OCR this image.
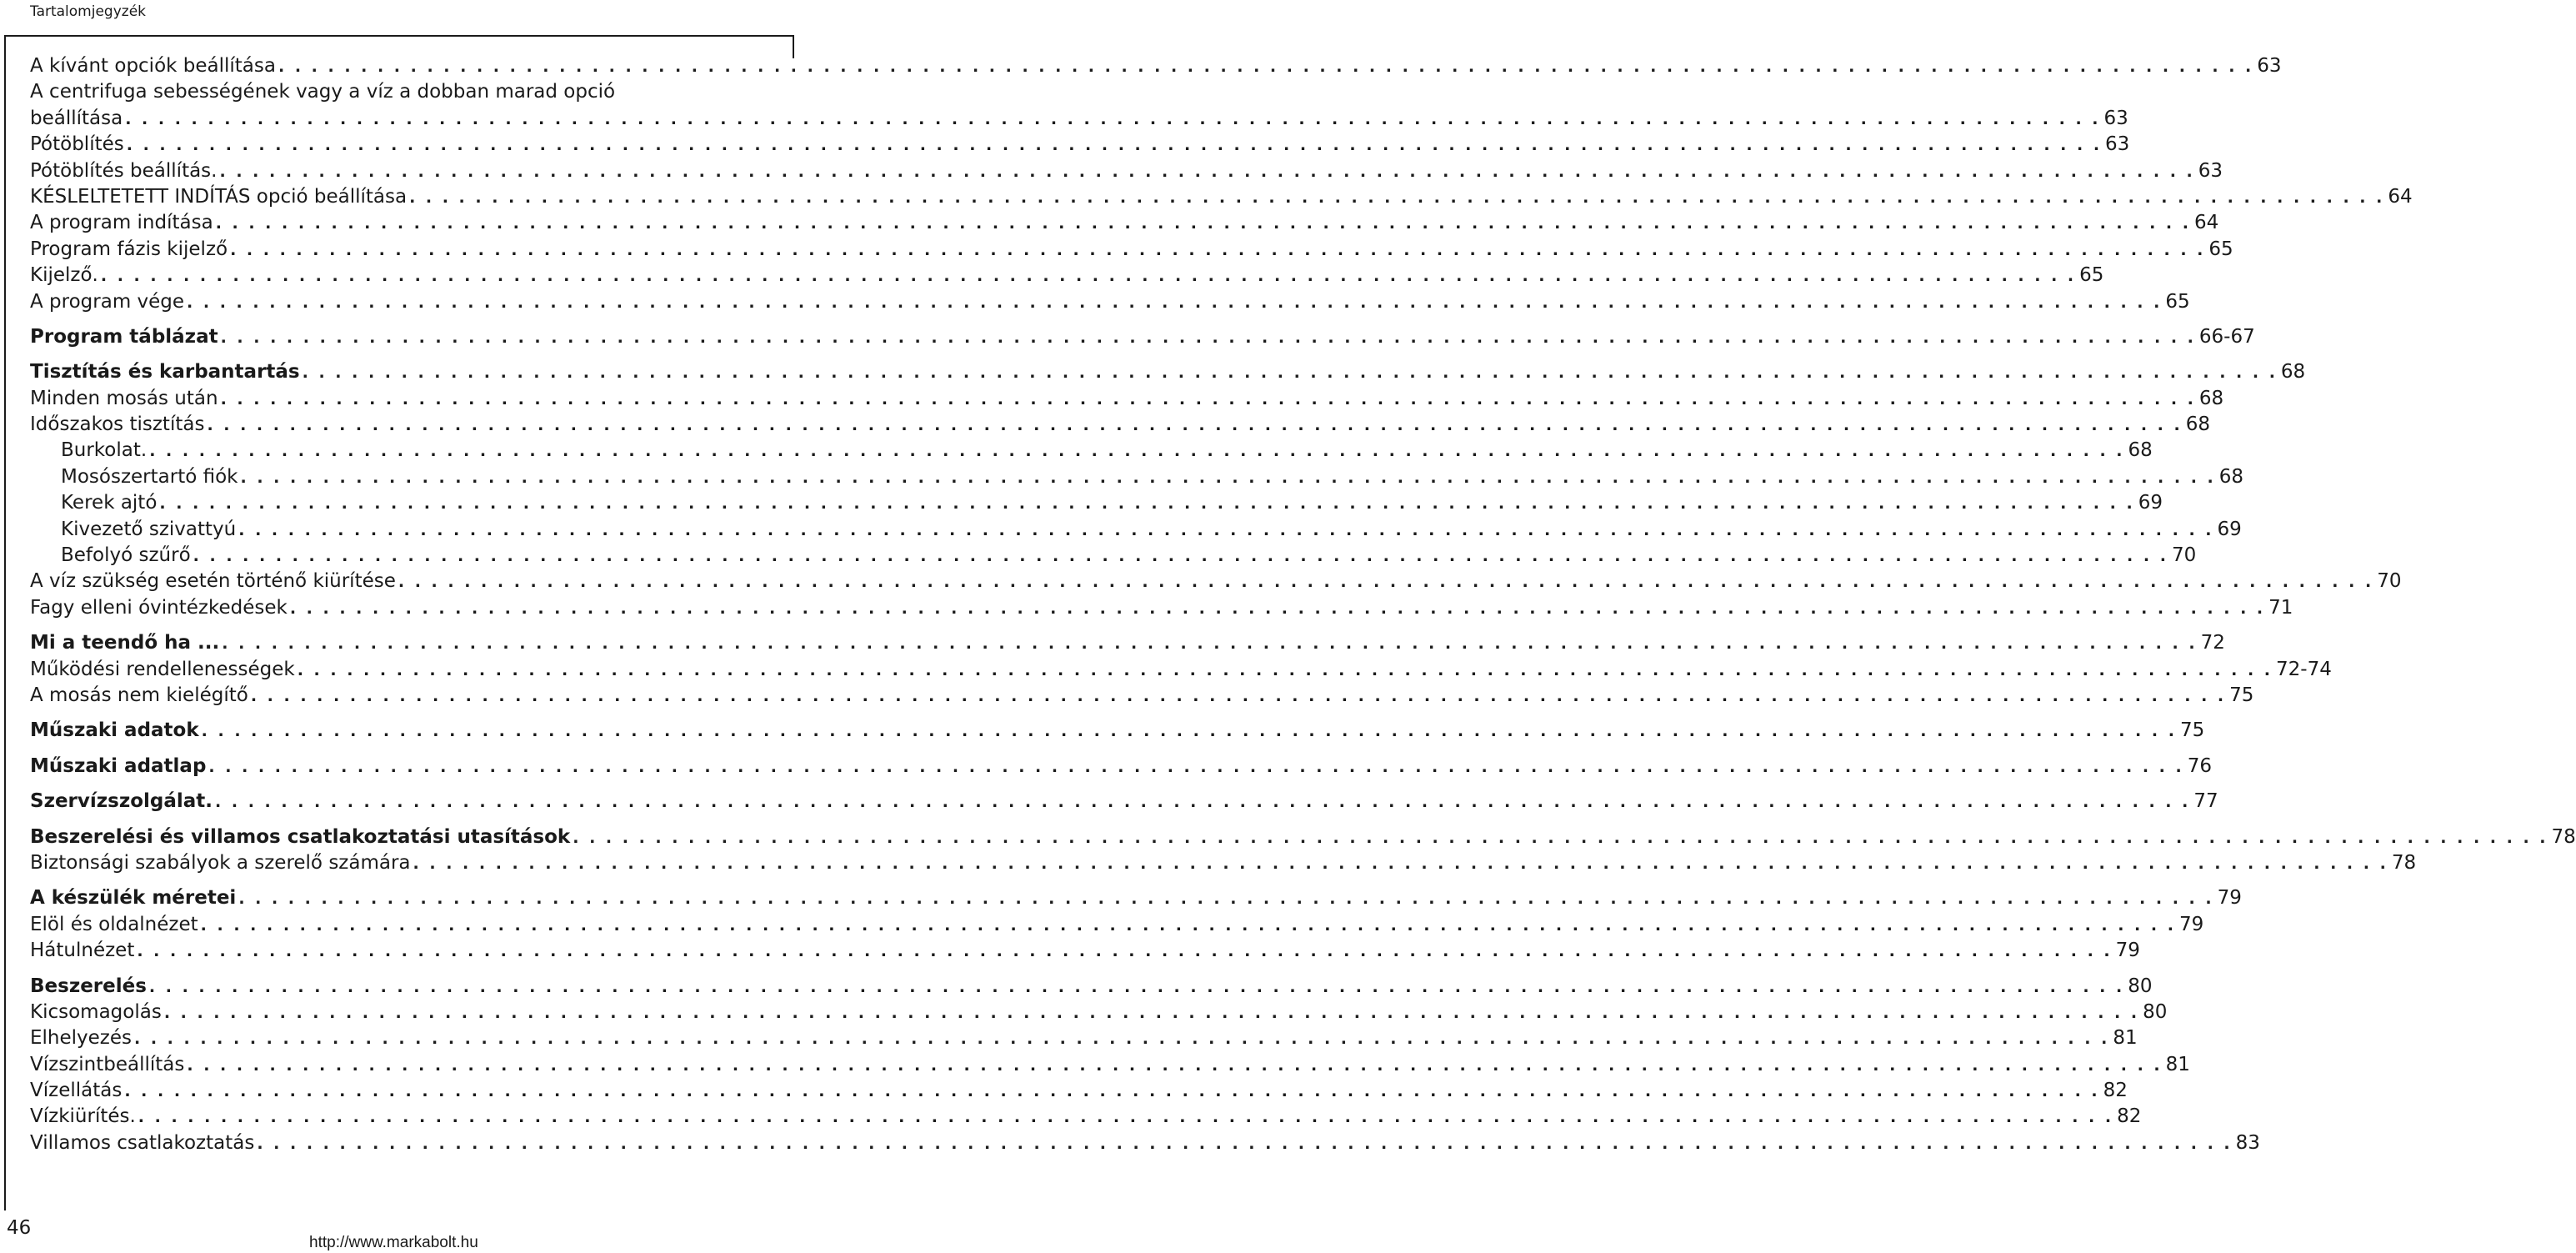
Tartalomjegyzék
A kívánt opciók beállítása . . . . . . . . . . . . . . . . . . . . . . . . . . . . . . . . . . . . . . . . . . . . . . . . . . . . . . . . . . . . . . . . . . . . . . . . . . . . . . . . . . . . . . . . . . . . . . . . . . . . . . . . . . . . . . . . . . . . . . . . 63
A centrifuga sebességének vagy a víz a dobban marad opció
beállítása . . . . . . . . . . . . . . . . . . . . . . . . . . . . . . . . . . . . . . . . . . . . . . . . . . . . . . . . . . . . . . . . . . . . . . . . . . . . . . . . . . . . . . . . . . . . . . . . . . . . . . . . . . . . . . . . . . . . . . . . 63
Pótöblítés . . . . . . . . . . . . . . . . . . . . . . . . . . . . . . . . . . . . . . . . . . . . . . . . . . . . . . . . . . . . . . . . . . . . . . . . . . . . . . . . . . . . . . . . . . . . . . . . . . . . . . . . . . . . . . . . . . . . . . . . 63
Pótöblítés beállítás. . . . . . . . . . . . . . . . . . . . . . . . . . . . . . . . . . . . . . . . . . . . . . . . . . . . . . . . . . . . . . . . . . . . . . . . . . . . . . . . . . . . . . . . . . . . . . . . . . . . . . . . . . . . . . . . . . . . . . . . . 63
KÉSLELTETETT INDÍTÁS opció beállítása . . . . . . . . . . . . . . . . . . . . . . . . . . . . . . . . . . . . . . . . . . . . . . . . . . . . . . . . . . . . . . . . . . . . . . . . . . . . . . . . . . . . . . . . . . . . . . . . . . . . . . . . . . . . . . . . . . . . . . . . 64
A program indítása . . . . . . . . . . . . . . . . . . . . . . . . . . . . . . . . . . . . . . . . . . . . . . . . . . . . . . . . . . . . . . . . . . . . . . . . . . . . . . . . . . . . . . . . . . . . . . . . . . . . . . . . . . . . . . . . . . . . . . . . 64
Program fázis kijelző . . . . . . . . . . . . . . . . . . . . . . . . . . . . . . . . . . . . . . . . . . . . . . . . . . . . . . . . . . . . . . . . . . . . . . . . . . . . . . . . . . . . . . . . . . . . . . . . . . . . . . . . . . . . . . . . . . . . . . . . 65
Kijelző. . . . . . . . . . . . . . . . . . . . . . . . . . . . . . . . . . . . . . . . . . . . . . . . . . . . . . . . . . . . . . . . . . . . . . . . . . . . . . . . . . . . . . . . . . . . . . . . . . . . . . . . . . . . . . . . . . . . . . . . . 65
A program vége . . . . . . . . . . . . . . . . . . . . . . . . . . . . . . . . . . . . . . . . . . . . . . . . . . . . . . . . . . . . . . . . . . . . . . . . . . . . . . . . . . . . . . . . . . . . . . . . . . . . . . . . . . . . . . . . . . . . . . . . 65
Program táblázat . . . . . . . . . . . . . . . . . . . . . . . . . . . . . . . . . . . . . . . . . . . . . . . . . . . . . . . . . . . . . . . . . . . . . . . . . . . . . . . . . . . . . . . . . . . . . . . . . . . . . . . . . . . . . . . . . . . . . . . . 66-67
Tisztítás és karbantartás . . . . . . . . . . . . . . . . . . . . . . . . . . . . . . . . . . . . . . . . . . . . . . . . . . . . . . . . . . . . . . . . . . . . . . . . . . . . . . . . . . . . . . . . . . . . . . . . . . . . . . . . . . . . . . . . . . . . . . . . 68
Minden mosás után . . . . . . . . . . . . . . . . . . . . . . . . . . . . . . . . . . . . . . . . . . . . . . . . . . . . . . . . . . . . . . . . . . . . . . . . . . . . . . . . . . . . . . . . . . . . . . . . . . . . . . . . . . . . . . . . . . . . . . . . 68
Időszakos tisztítás . . . . . . . . . . . . . . . . . . . . . . . . . . . . . . . . . . . . . . . . . . . . . . . . . . . . . . . . . . . . . . . . . . . . . . . . . . . . . . . . . . . . . . . . . . . . . . . . . . . . . . . . . . . . . . . . . . . . . . . . 68
Burkolat. . . . . . . . . . . . . . . . . . . . . . . . . . . . . . . . . . . . . . . . . . . . . . . . . . . . . . . . . . . . . . . . . . . . . . . . . . . . . . . . . . . . . . . . . . . . . . . . . . . . . . . . . . . . . . . . . . . . . . . . . 68
Mosószertartó fiók . . . . . . . . . . . . . . . . . . . . . . . . . . . . . . . . . . . . . . . . . . . . . . . . . . . . . . . . . . . . . . . . . . . . . . . . . . . . . . . . . . . . . . . . . . . . . . . . . . . . . . . . . . . . . . . . . . . . . . . . 68
Kerek ajtó . . . . . . . . . . . . . . . . . . . . . . . . . . . . . . . . . . . . . . . . . . . . . . . . . . . . . . . . . . . . . . . . . . . . . . . . . . . . . . . . . . . . . . . . . . . . . . . . . . . . . . . . . . . . . . . . . . . . . . . . 69
Kivezető szivattyú . . . . . . . . . . . . . . . . . . . . . . . . . . . . . . . . . . . . . . . . . . . . . . . . . . . . . . . . . . . . . . . . . . . . . . . . . . . . . . . . . . . . . . . . . . . . . . . . . . . . . . . . . . . . . . . . . . . . . . . . 69
Befolyó szűrő . . . . . . . . . . . . . . . . . . . . . . . . . . . . . . . . . . . . . . . . . . . . . . . . . . . . . . . . . . . . . . . . . . . . . . . . . . . . . . . . . . . . . . . . . . . . . . . . . . . . . . . . . . . . . . . . . . . . . . . . 70
A víz szükség esetén történő kiürítése . . . . . . . . . . . . . . . . . . . . . . . . . . . . . . . . . . . . . . . . . . . . . . . . . . . . . . . . . . . . . . . . . . . . . . . . . . . . . . . . . . . . . . . . . . . . . . . . . . . . . . . . . . . . . . . . . . . . . . . . 70
Fagy elleni óvintézkedések . . . . . . . . . . . . . . . . . . . . . . . . . . . . . . . . . . . . . . . . . . . . . . . . . . . . . . . . . . . . . . . . . . . . . . . . . . . . . . . . . . . . . . . . . . . . . . . . . . . . . . . . . . . . . . . . . . . . . . . . 71
Mi a teendő ha ... . . . . . . . . . . . . . . . . . . . . . . . . . . . . . . . . . . . . . . . . . . . . . . . . . . . . . . . . . . . . . . . . . . . . . . . . . . . . . . . . . . . . . . . . . . . . . . . . . . . . . . . . . . . . . . . . . . . . . . . . 72
Működési rendellenességek . . . . . . . . . . . . . . . . . . . . . . . . . . . . . . . . . . . . . . . . . . . . . . . . . . . . . . . . . . . . . . . . . . . . . . . . . . . . . . . . . . . . . . . . . . . . . . . . . . . . . . . . . . . . . . . . . . . . . . . . 72-74
A mosás nem kielégítő . . . . . . . . . . . . . . . . . . . . . . . . . . . . . . . . . . . . . . . . . . . . . . . . . . . . . . . . . . . . . . . . . . . . . . . . . . . . . . . . . . . . . . . . . . . . . . . . . . . . . . . . . . . . . . . . . . . . . . . . 75
Műszaki adatok . . . . . . . . . . . . . . . . . . . . . . . . . . . . . . . . . . . . . . . . . . . . . . . . . . . . . . . . . . . . . . . . . . . . . . . . . . . . . . . . . . . . . . . . . . . . . . . . . . . . . . . . . . . . . . . . . . . . . . . . 75
Műszaki adatlap . . . . . . . . . . . . . . . . . . . . . . . . . . . . . . . . . . . . . . . . . . . . . . . . . . . . . . . . . . . . . . . . . . . . . . . . . . . . . . . . . . . . . . . . . . . . . . . . . . . . . . . . . . . . . . . . . . . . . . . . 76
Szervízszolgálat. . . . . . . . . . . . . . . . . . . . . . . . . . . . . . . . . . . . . . . . . . . . . . . . . . . . . . . . . . . . . . . . . . . . . . . . . . . . . . . . . . . . . . . . . . . . . . . . . . . . . . . . . . . . . . . . . . . . . . . . . 77
Beszerelési és villamos csatlakoztatási utasítások . . . . . . . . . . . . . . . . . . . . . . . . . . . . . . . . . . . . . . . . . . . . . . . . . . . . . . . . . . . . . . . . . . . . . . . . . . . . . . . . . . . . . . . . . . . . . . . . . . . . . . . . . . . . . . . . . . . . . . . . 78
Biztonsági szabályok a szerelő számára . . . . . . . . . . . . . . . . . . . . . . . . . . . . . . . . . . . . . . . . . . . . . . . . . . . . . . . . . . . . . . . . . . . . . . . . . . . . . . . . . . . . . . . . . . . . . . . . . . . . . . . . . . . . . . . . . . . . . . . . 78
A készülék méretei . . . . . . . . . . . . . . . . . . . . . . . . . . . . . . . . . . . . . . . . . . . . . . . . . . . . . . . . . . . . . . . . . . . . . . . . . . . . . . . . . . . . . . . . . . . . . . . . . . . . . . . . . . . . . . . . . . . . . . . . 79
Elöl és oldalnézet . . . . . . . . . . . . . . . . . . . . . . . . . . . . . . . . . . . . . . . . . . . . . . . . . . . . . . . . . . . . . . . . . . . . . . . . . . . . . . . . . . . . . . . . . . . . . . . . . . . . . . . . . . . . . . . . . . . . . . . . 79
Hátulnézet . . . . . . . . . . . . . . . . . . . . . . . . . . . . . . . . . . . . . . . . . . . . . . . . . . . . . . . . . . . . . . . . . . . . . . . . . . . . . . . . . . . . . . . . . . . . . . . . . . . . . . . . . . . . . . . . . . . . . . . . 79
Beszerelés . . . . . . . . . . . . . . . . . . . . . . . . . . . . . . . . . . . . . . . . . . . . . . . . . . . . . . . . . . . . . . . . . . . . . . . . . . . . . . . . . . . . . . . . . . . . . . . . . . . . . . . . . . . . . . . . . . . . . . . . 80
Kicsomagolás . . . . . . . . . . . . . . . . . . . . . . . . . . . . . . . . . . . . . . . . . . . . . . . . . . . . . . . . . . . . . . . . . . . . . . . . . . . . . . . . . . . . . . . . . . . . . . . . . . . . . . . . . . . . . . . . . . . . . . . . 80
Elhelyezés . . . . . . . . . . . . . . . . . . . . . . . . . . . . . . . . . . . . . . . . . . . . . . . . . . . . . . . . . . . . . . . . . . . . . . . . . . . . . . . . . . . . . . . . . . . . . . . . . . . . . . . . . . . . . . . . . . . . . . . . 81
Vízszintbeállítás . . . . . . . . . . . . . . . . . . . . . . . . . . . . . . . . . . . . . . . . . . . . . . . . . . . . . . . . . . . . . . . . . . . . . . . . . . . . . . . . . . . . . . . . . . . . . . . . . . . . . . . . . . . . . . . . . . . . . . . . 81
Vízellátás . . . . . . . . . . . . . . . . . . . . . . . . . . . . . . . . . . . . . . . . . . . . . . . . . . . . . . . . . . . . . . . . . . . . . . . . . . . . . . . . . . . . . . . . . . . . . . . . . . . . . . . . . . . . . . . . . . . . . . . . 82
Vízkiürítés. . . . . . . . . . . . . . . . . . . . . . . . . . . . . . . . . . . . . . . . . . . . . . . . . . . . . . . . . . . . . . . . . . . . . . . . . . . . . . . . . . . . . . . . . . . . . . . . . . . . . . . . . . . . . . . . . . . . . . . . . 82
Villamos csatlakoztatás . . . . . . . . . . . . . . . . . . . . . . . . . . . . . . . . . . . . . . . . . . . . . . . . . . . . . . . . . . . . . . . . . . . . . . . . . . . . . . . . . . . . . . . . . . . . . . . . . . . . . . . . . . . . . . . . . . . . . . . . 83
46
http://www.markabolt.hu
